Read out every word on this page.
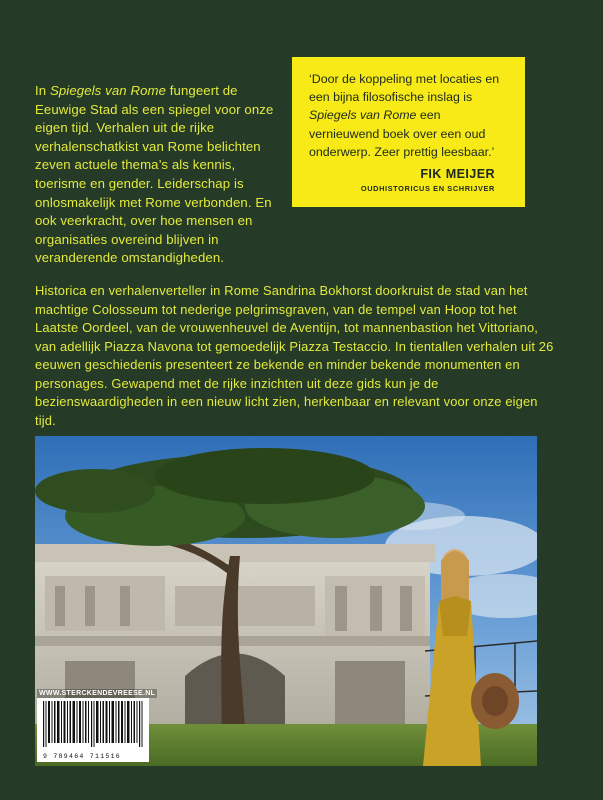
In Spiegels van Rome fungeert de Eeuwige Stad als een spiegel voor onze eigen tijd. Verhalen uit de rijke verhalenschatkist van Rome belichten zeven actuele thema’s als kennis, toerisme en gender. Leiderschap is onlosmakelijk met Rome verbonden. En ook veerkracht, over hoe mensen en organisaties overeind blijven in veranderende omstandigheden.
‘Door de koppeling met locaties en een bijna filosofische inslag is Spiegels van Rome een vernieuwend boek over een oud onderwerp. Zeer prettig leesbaar.’
FIK MEIJER
OUDHISTORICUS EN SCHRIJVER
Historica en verhalenverteller in Rome Sandrina Bokhorst doorkruist de stad van het machtige Colosseum tot nederige pelgrimsgraven, van de tempel van Hoop tot het Laatste Oordeel, van de vrouwenheuvel de Aventijn, tot mannenbastion het Vittoriano, van adellijk Piazza Navona tot gemoedelijk Piazza Testaccio. In tientallen verhalen uit 26 eeuwen geschiedenis presenteert ze bekende en minder bekende monumenten en personages. Gewapend met de rijke inzichten uit deze gids kun je de bezienswaardigheden in een nieuw licht zien, herkenbaar en relevant voor onze eigen tijd.
WWW.STERCKENDEVREESE.NL
9 789464 711516
